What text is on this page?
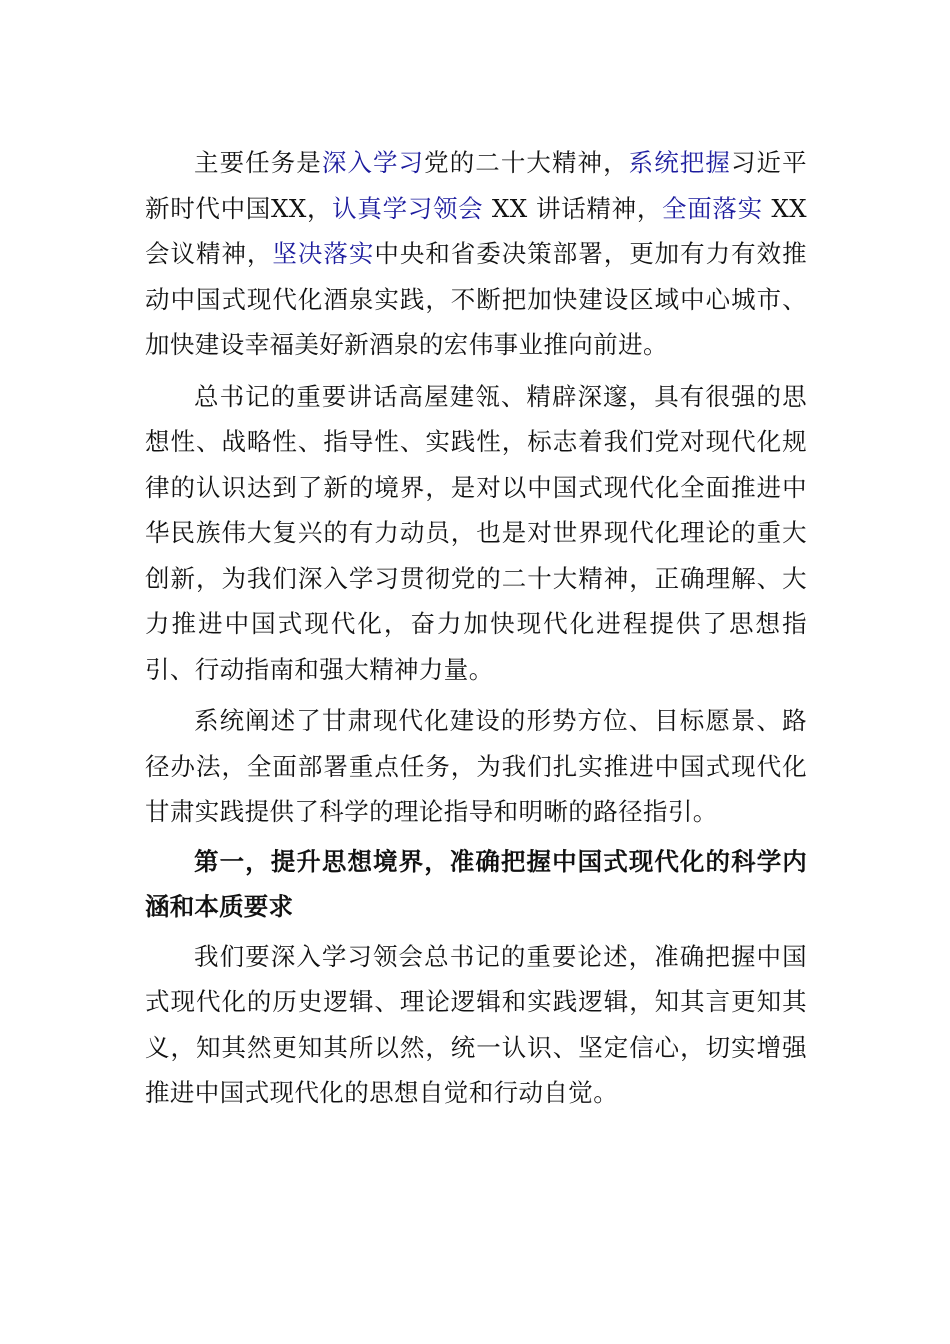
主要任务是深入学习党的二十大精神，系统把握习近平新时代中国XX，认真学习领会 XX 讲话精神，全面落实 XX会议精神，坚决落实中央和省委决策部署，更加有力有效推动中国式现代化酒泉实践，不断把加快建设区域中心城市、加快建设幸福美好新酒泉的宏伟事业推向前进。

总书记的重要讲话高屋建瓴、精辟深邃，具有很强的思想性、战略性、指导性、实践性，标志着我们党对现代化规律的认识达到了新的境界，是对以中国式现代化全面推进中华民族伟大复兴的有力动员，也是对世界现代化理论的重大创新，为我们深入学习贯彻党的二十大精神，正确理解、大力推进中国式现代化，奋力加快现代化进程提供了思想指引、行动指南和强大精神力量。

系统阐述了甘肃现代化建设的形势方位、目标愿景、路径办法，全面部署重点任务，为我们扎实推进中国式现代化甘肃实践提供了科学的理论指导和明晰的路径指引。

第一，提升思想境界，准确把握中国式现代化的科学内涵和本质要求

我们要深入学习领会总书记的重要论述，准确把握中国式现代化的历史逻辑、理论逻辑和实践逻辑，知其言更知其义，知其然更知其所以然，统一认识、坚定信心，切实增强推进中国式现代化的思想自觉和行动自觉。
